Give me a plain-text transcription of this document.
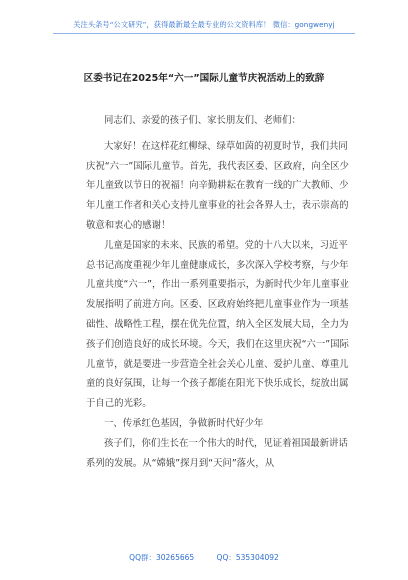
关注头条号“公文研究”，获得最新最全最专业的公文资料库！ 微信：gongwenyj
区委书记在2025年“六一”国际儿童节庆祝活动上的致辞

同志们、亲爱的孩子们、家长朋友们、老师们：

大家好！在这样花红柳绿、绿草如茵的初夏时节，我们共同庆祝“六一”国际儿童节。首先，我代表区委、区政府，向全区少年儿童致以节日的祝福！向辛勤耕耘在教育一线的广大教师、少年儿童工作者和关心支持儿童事业的社会各界人士，表示崇高的敬意和衷心的感谢！

儿童是国家的未来、民族的希望。党的十八大以来，习近平总书记高度重视少年儿童健康成长，多次深入学校考察，与少年儿童共度“六一”，作出一系列重要指示，为新时代少年儿童事业发展指明了前进方向。区委、区政府始终把儿童事业作为一项基础性、战略性工程，摆在优先位置，纳入全区发展大局，全力为孩子们创造良好的成长环境。今天，我们在这里庆祝“六一”国际儿童节，就是要进一步营造全社会关心儿童、爱护儿童、尊重儿童的良好氛围，让每一个孩子都能在阳光下快乐成长，绽放出属于自己的光彩。

一、传承红色基因，争做新时代好少年

孩子们，你们生长在一个伟大的时代，见证着祖国最新讲话系列的发展。从“嫦娥”探月到“天问”落火，从

QQ群：30265665	QQ：535304092
